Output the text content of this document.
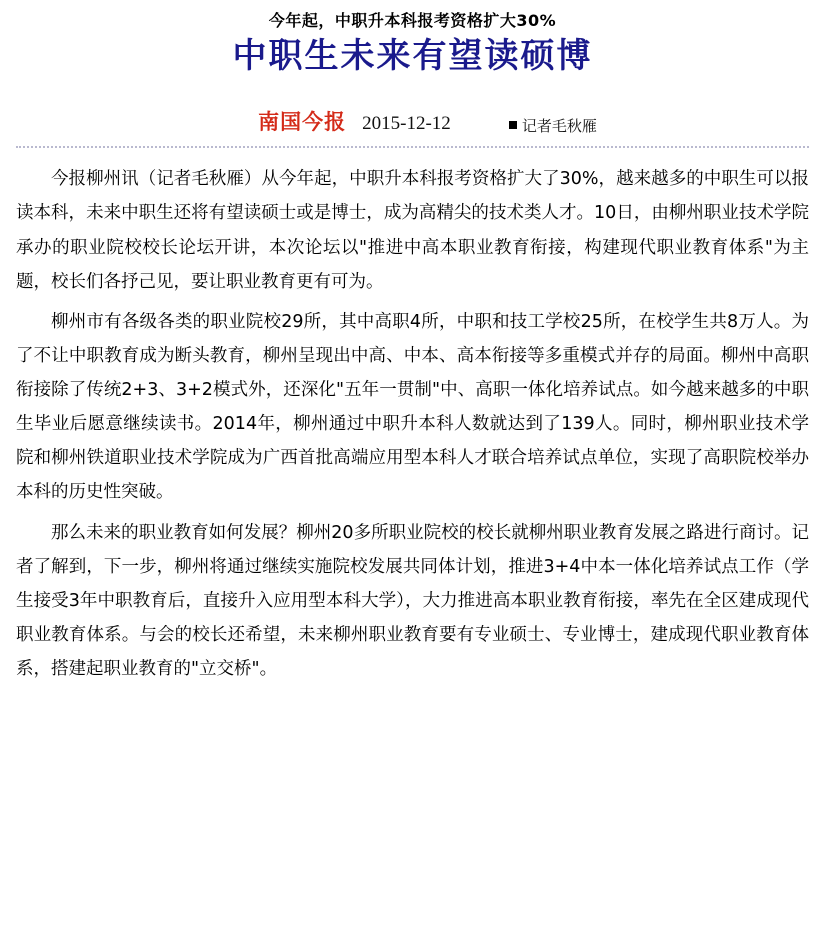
今年起，中职升本科报考资格扩大30%
中职生未来有望读硕博
南国今报 2015-12-12	记者毛秋雁

今报柳州讯（记者毛秋雁）从今年起，中职升本科报考资格扩大了30%，越来越多的中职生可以报读本科，未来中职生还将有望读硕士或是博士，成为高精尖的技术类人才。10日，由柳州职业技术学院承办的职业院校校长论坛开讲，本次论坛以"推进中高本职业教育衔接，构建现代职业教育体系"为主题，校长们各抒己见，要让职业教育更有可为。

柳州市有各级各类的职业院校29所，其中高职4所，中职和技工学校25所，在校学生共8万人。为了不让中职教育成为断头教育，柳州呈现出中高、中本、高本衔接等多重模式并存的局面。柳州中高职衔接除了传统2+3、3+2模式外，还深化"五年一贯制"中、高职一体化培养试点。如今越来越多的中职生毕业后愿意继续读书。2014年，柳州通过中职升本科人数就达到了139人。同时，柳州职业技术学院和柳州铁道职业技术学院成为广西首批高端应用型本科人才联合培养试点单位，实现了高职院校举办本科的历史性突破。

那么未来的职业教育如何发展？柳州20多所职业院校的校长就柳州职业教育发展之路进行商讨。记者了解到，下一步，柳州将通过继续实施院校发展共同体计划，推进3+4中本一体化培养试点工作（学生接受3年中职教育后，直接升入应用型本科大学），大力推进高本职业教育衔接，率先在全区建成现代职业教育体系。与会的校长还希望，未来柳州职业教育要有专业硕士、专业博士，建成现代职业教育体系，搭建起职业教育的"立交桥"。
